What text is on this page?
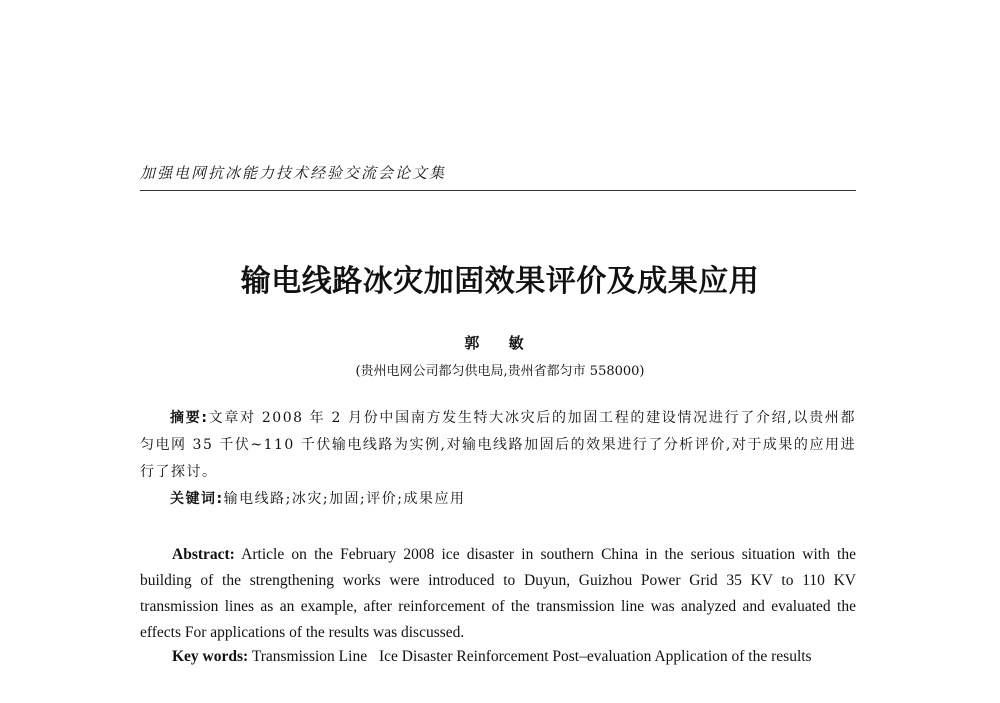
加强电网抗冰能力技术经验交流会论文集
输电线路冰灾加固效果评价及成果应用
郭 敏
(贵州电网公司都匀供电局,贵州省都匀市 558000)

摘要:文章对 2008 年 2 月份中国南方发生特大冰灾后的加固工程的建设情况进行了介绍,以贵州都匀电网 35 千伏~110 千伏输电线路为实例,对输电线路加固后的效果进行了分析评价,对于成果的应用进行了探讨。

关键词:输电线路;冰灾;加固;评价;成果应用

Abstract: Article on the February 2008 ice disaster in southern China in the serious situation with the building of the strengthening works were introduced to Duyun, Guizhou Power Grid 35 KV to 110 KV transmission lines as an example, after reinforcement of the transmission line was analyzed and evaluated the effects For applications of the results was discussed.

Key words: Transmission Line Ice Disaster Reinforcement Post–evaluation Application of the results
